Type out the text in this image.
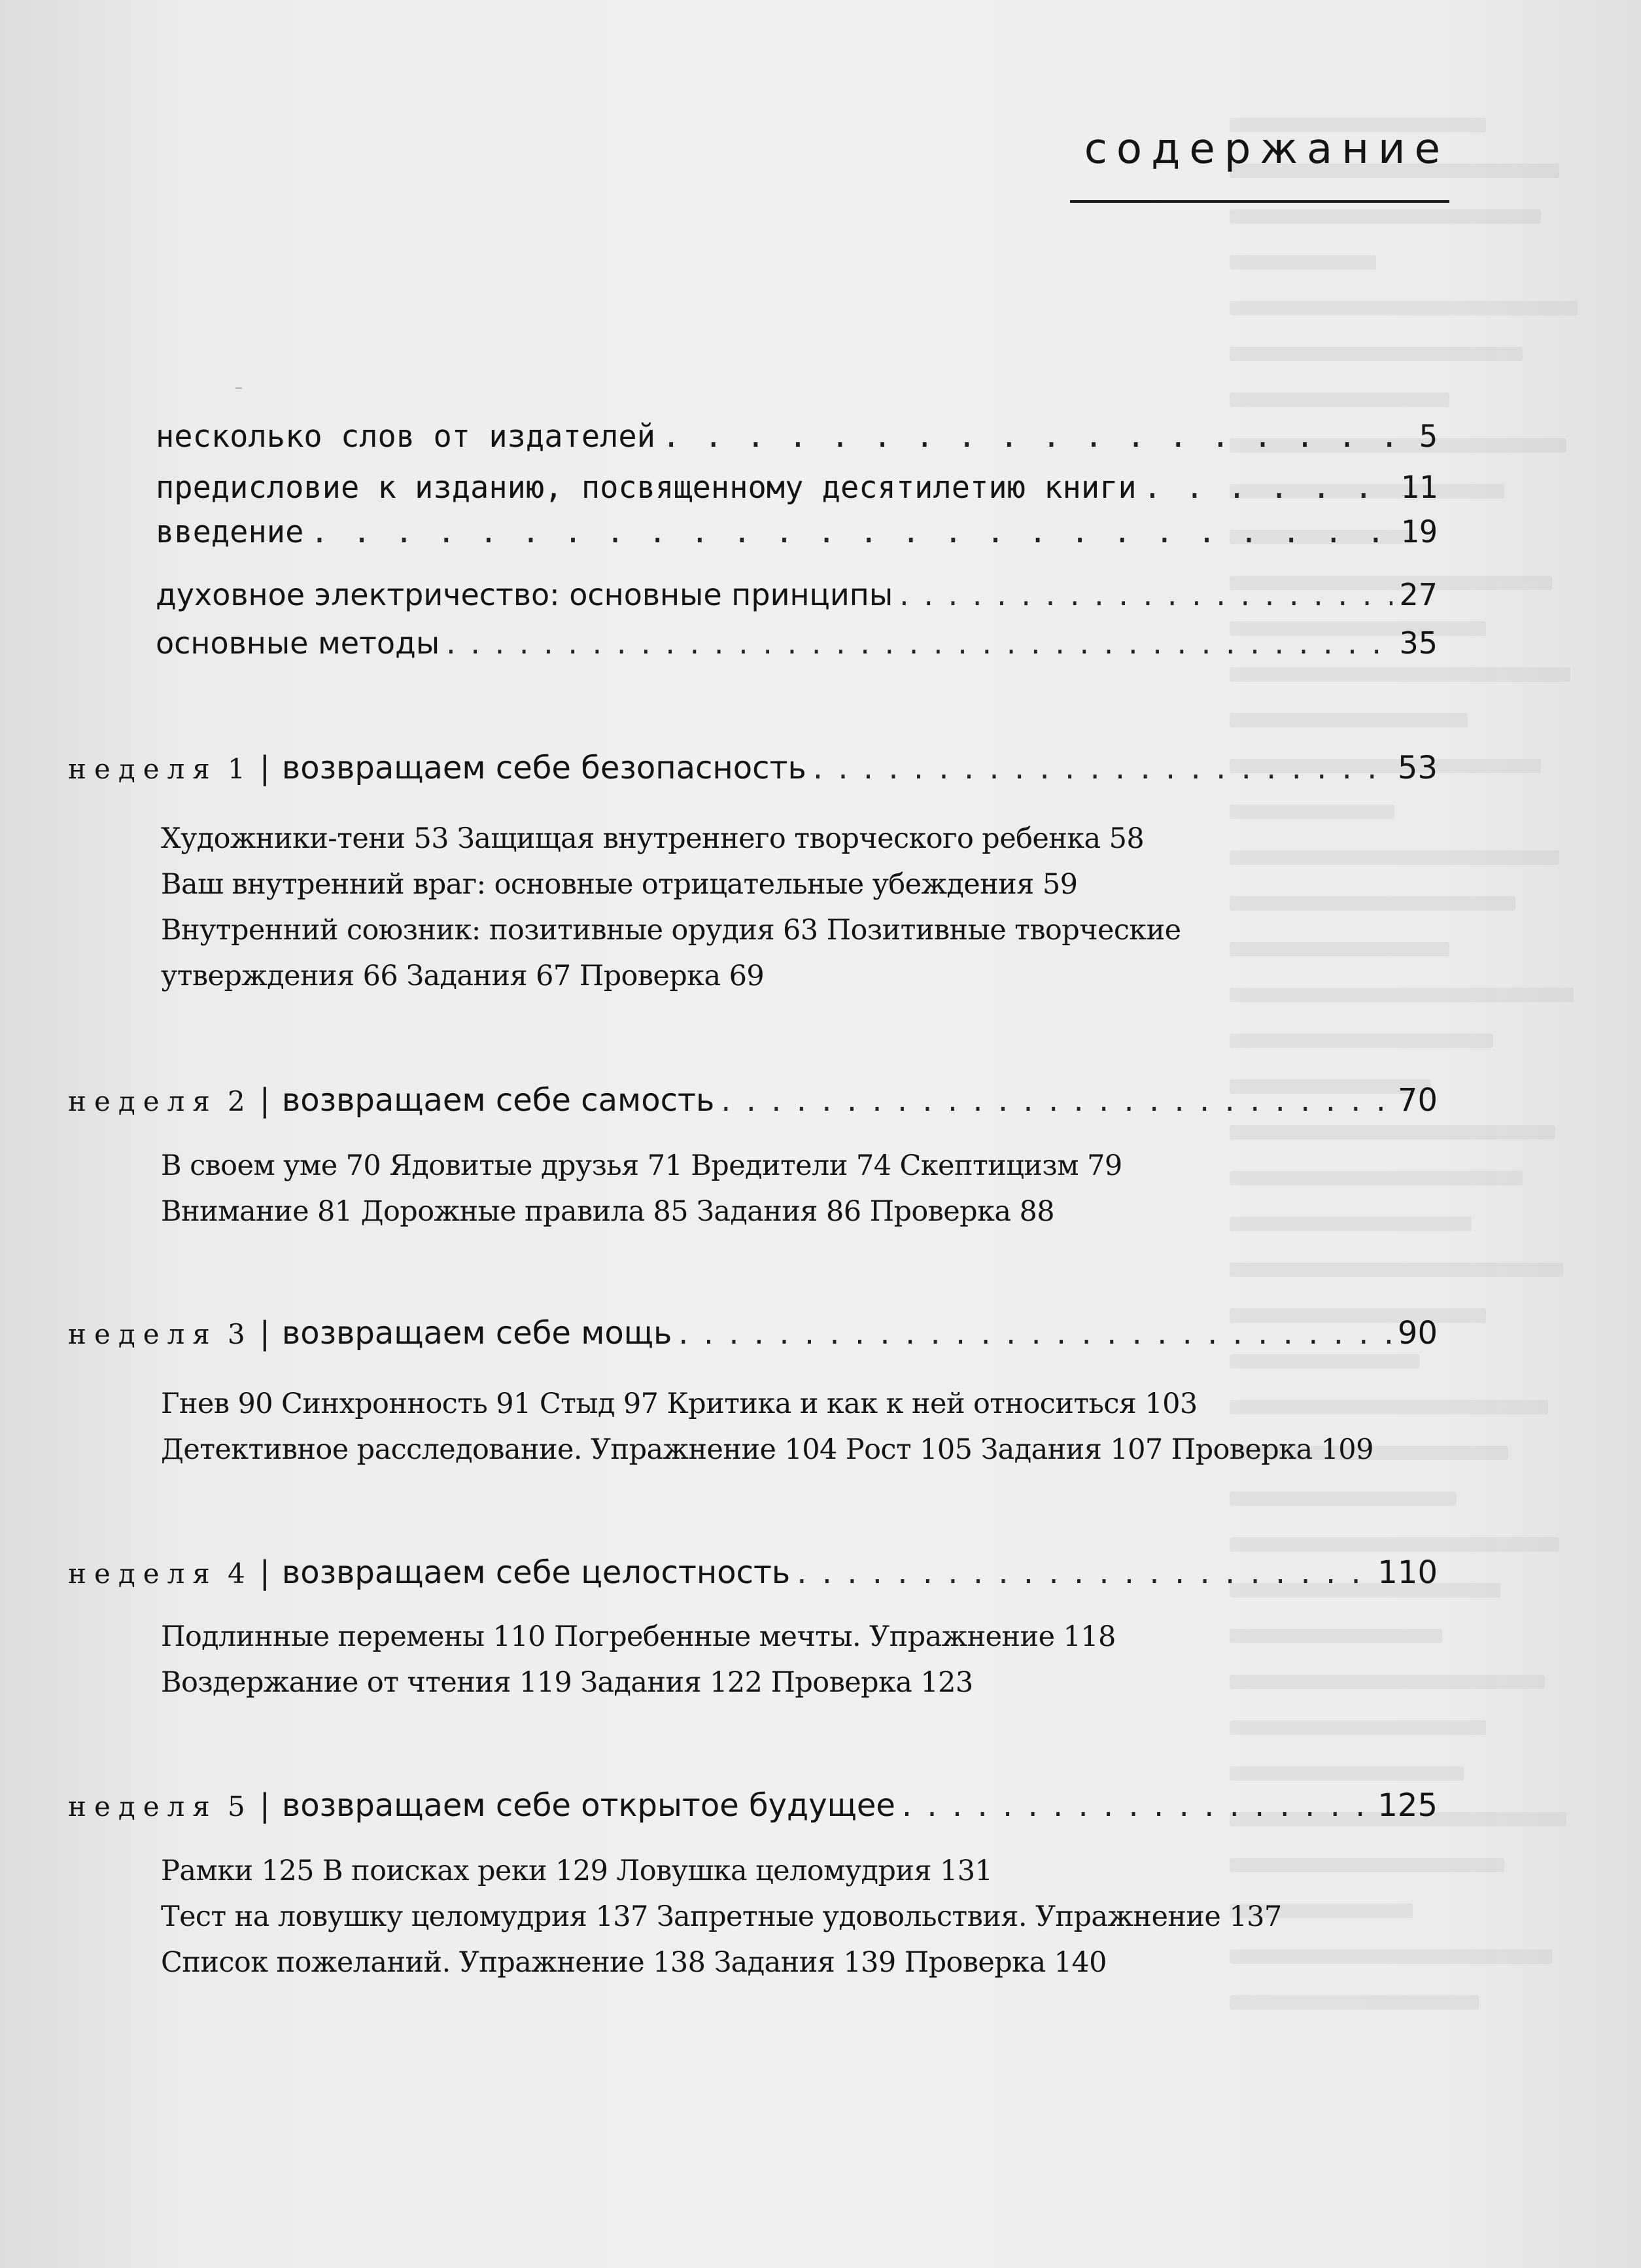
содержание
несколько слов от издателей . . .	5
предисловие к изданию, посвященному десятилетию книги . . .	11
введение . . .	19
духовное электричество: основные принципы . . .	27
основные методы . . .	35
неделя 1 | возвращаем себе безопасность . . .	53

Художники-тени 53 Защищая внутреннего творческого ребенка 58

Ваш внутренний враг: основные отрицательные убеждения 59

Внутренний союзник: позитивные орудия 63 Позитивные творческие

утверждения 66 Задания 67 Проверка 69

неделя 2 | возвращаем себе самость . . .	70

В своем уме 70 Ядовитые друзья 71 Вредители 74 Скептицизм 79

Внимание 81 Дорожные правила 85 Задания 86 Проверка 88

неделя 3 | возвращаем себе мощь . . .	90

Гнев 90 Синхронность 91 Стыд 97 Критика и как к ней относиться 103

Детективное расследование. Упражнение 104 Рост 105 Задания 107 Проверка 109

неделя 4 | возвращаем себе целостность . . .	110

Подлинные перемены 110 Погребенные мечты. Упражнение 118

Воздержание от чтения 119 Задания 122 Проверка 123

неделя 5 | возвращаем себе открытое будущее . . .	125

Рамки 125 В поисках реки 129 Ловушка целомудрия 131

Тест на ловушку целомудрия 137 Запретные удовольствия. Упражнение 137

Список пожеланий. Упражнение 138 Задания 139 Проверка 140
